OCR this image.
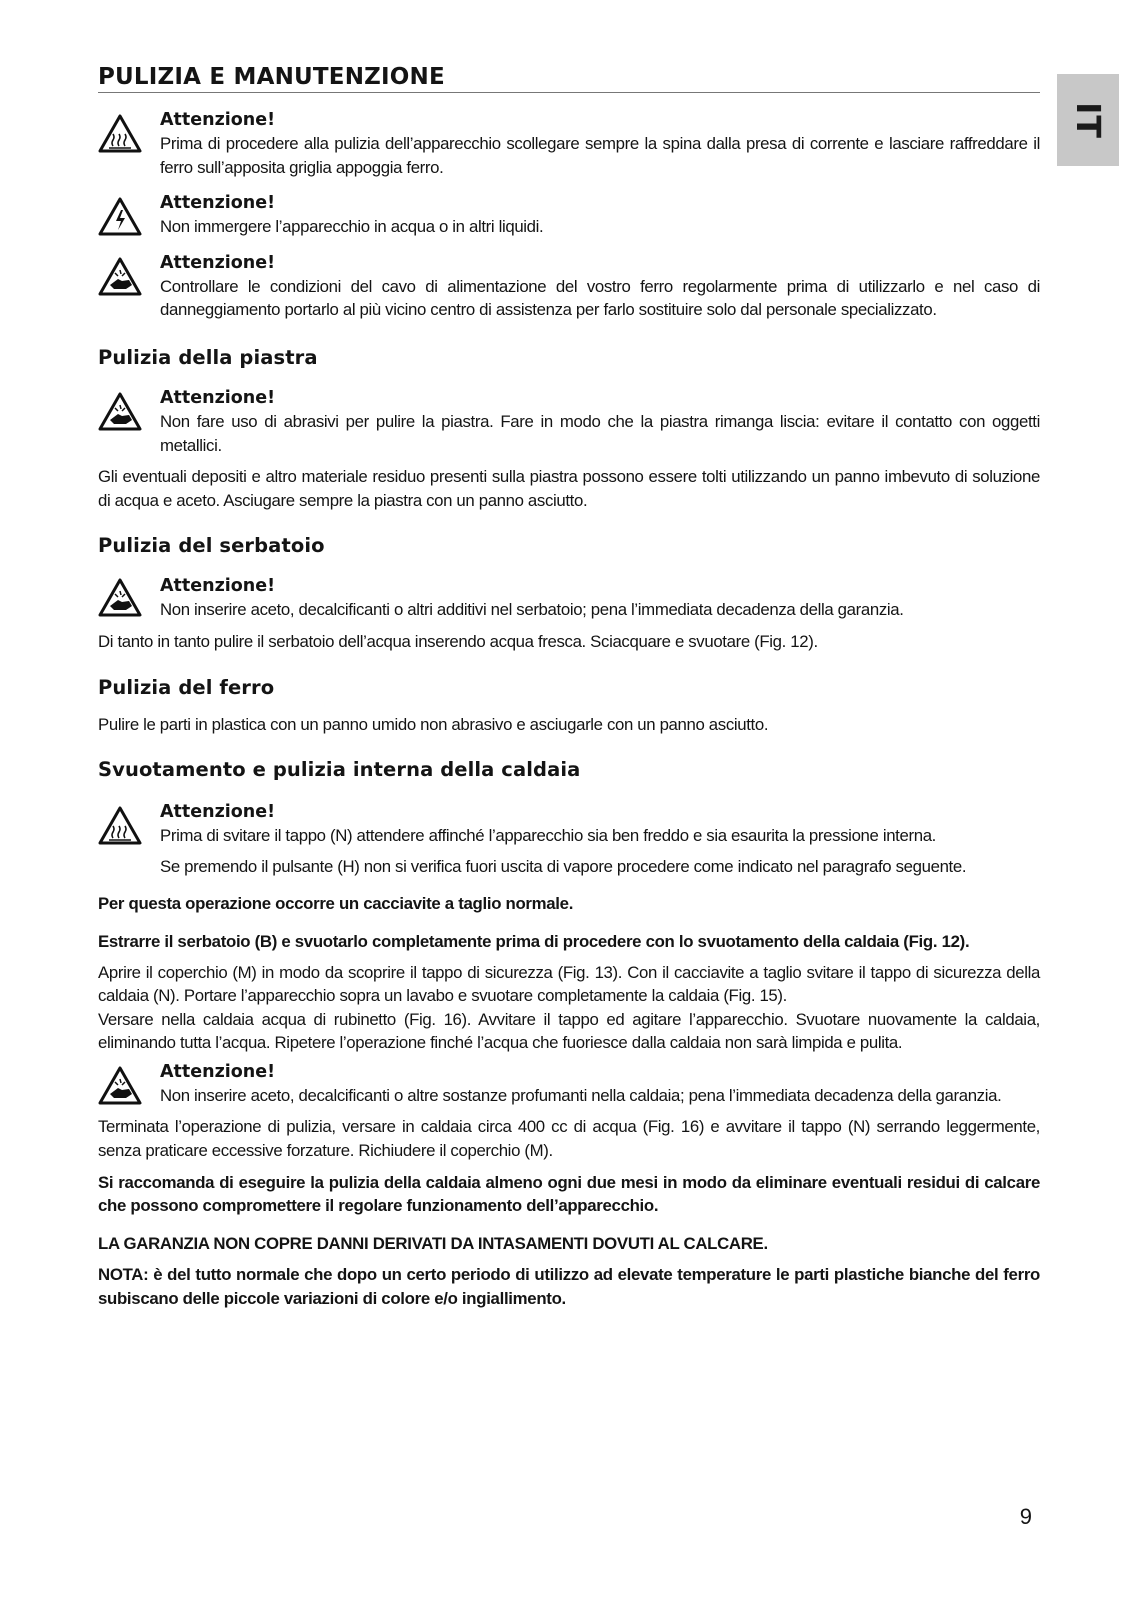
IT
PULIZIA E MANUTENZIONE
Attenzione!

Prima di procedere alla pulizia dell’apparecchio scollegare sempre la spina dalla presa di corrente e lasciare raffreddare il ferro sull’apposita griglia appoggia ferro.

Attenzione!

Non immergere l’apparecchio in acqua o in altri liquidi.

Attenzione!

Controllare le condizioni del cavo di alimentazione del vostro ferro regolarmente prima di utilizzarlo e nel caso di danneggiamento portarlo al più vicino centro di assistenza per farlo sostituire solo dal personale specializzato.

Pulizia della piastra
Attenzione!

Non fare uso di abrasivi per pulire la piastra. Fare in modo che la piastra rimanga liscia: evitare il contatto con oggetti metallici.

Gli eventuali depositi e altro materiale residuo presenti sulla piastra possono essere tolti utilizzando un panno imbevuto di soluzione di acqua e aceto. Asciugare sempre la piastra con un panno asciutto.

Pulizia del serbatoio
Attenzione!

Non inserire aceto, decalcificanti o altri additivi nel serbatoio; pena l’immediata decadenza della garanzia.

Di tanto in tanto pulire il serbatoio dell’acqua inserendo acqua fresca. Sciacquare e svuotare (Fig. 12).

Pulizia del ferro

Pulire le parti in plastica con un panno umido non abrasivo e asciugarle con un panno asciutto.

Svuotamento e pulizia interna della caldaia
Attenzione!

Prima di svitare il tappo (N) attendere affinché l’apparecchio sia ben freddo e sia esaurita la pressione interna.

Se premendo il pulsante (H) non si verifica fuori uscita di vapore procedere come indicato nel paragrafo seguente.

Per questa operazione occorre un cacciavite a taglio normale.

Estrarre il serbatoio (B) e svuotarlo completamente prima di procedere con lo svuotamento della caldaia (Fig. 12).

Aprire il coperchio (M) in modo da scoprire il tappo di sicurezza (Fig. 13). Con il cacciavite a taglio svitare il tappo di sicurezza della caldaia (N). Portare l’apparecchio sopra un lavabo e svuotare completamente la caldaia (Fig. 15).

Versare nella caldaia acqua di rubinetto (Fig. 16). Avvitare il tappo ed agitare l’apparecchio. Svuotare nuovamente la caldaia, eliminando tutta l’acqua. Ripetere l’operazione finché l’acqua che fuoriesce dalla caldaia non sarà limpida e pulita.

Attenzione!

Non inserire aceto, decalcificanti o altre sostanze profumanti nella caldaia; pena l’immediata decadenza della garanzia.

Terminata l’operazione di pulizia, versare in caldaia circa 400 cc di acqua (Fig. 16) e avvitare il tappo (N) serrando leggermente, senza praticare eccessive forzature. Richiudere il coperchio (M).

Si raccomanda di eseguire la pulizia della caldaia almeno ogni due mesi in modo da eliminare eventuali residui di calcare che possono compromettere il regolare funzionamento dell’apparecchio.

LA GARANZIA NON COPRE DANNI DERIVATI DA INTASAMENTI DOVUTI AL CALCARE.

NOTA: è del tutto normale che dopo un certo periodo di utilizzo ad elevate temperature le parti plastiche bianche del ferro subiscano delle piccole variazioni di colore e/o ingiallimento.

9
